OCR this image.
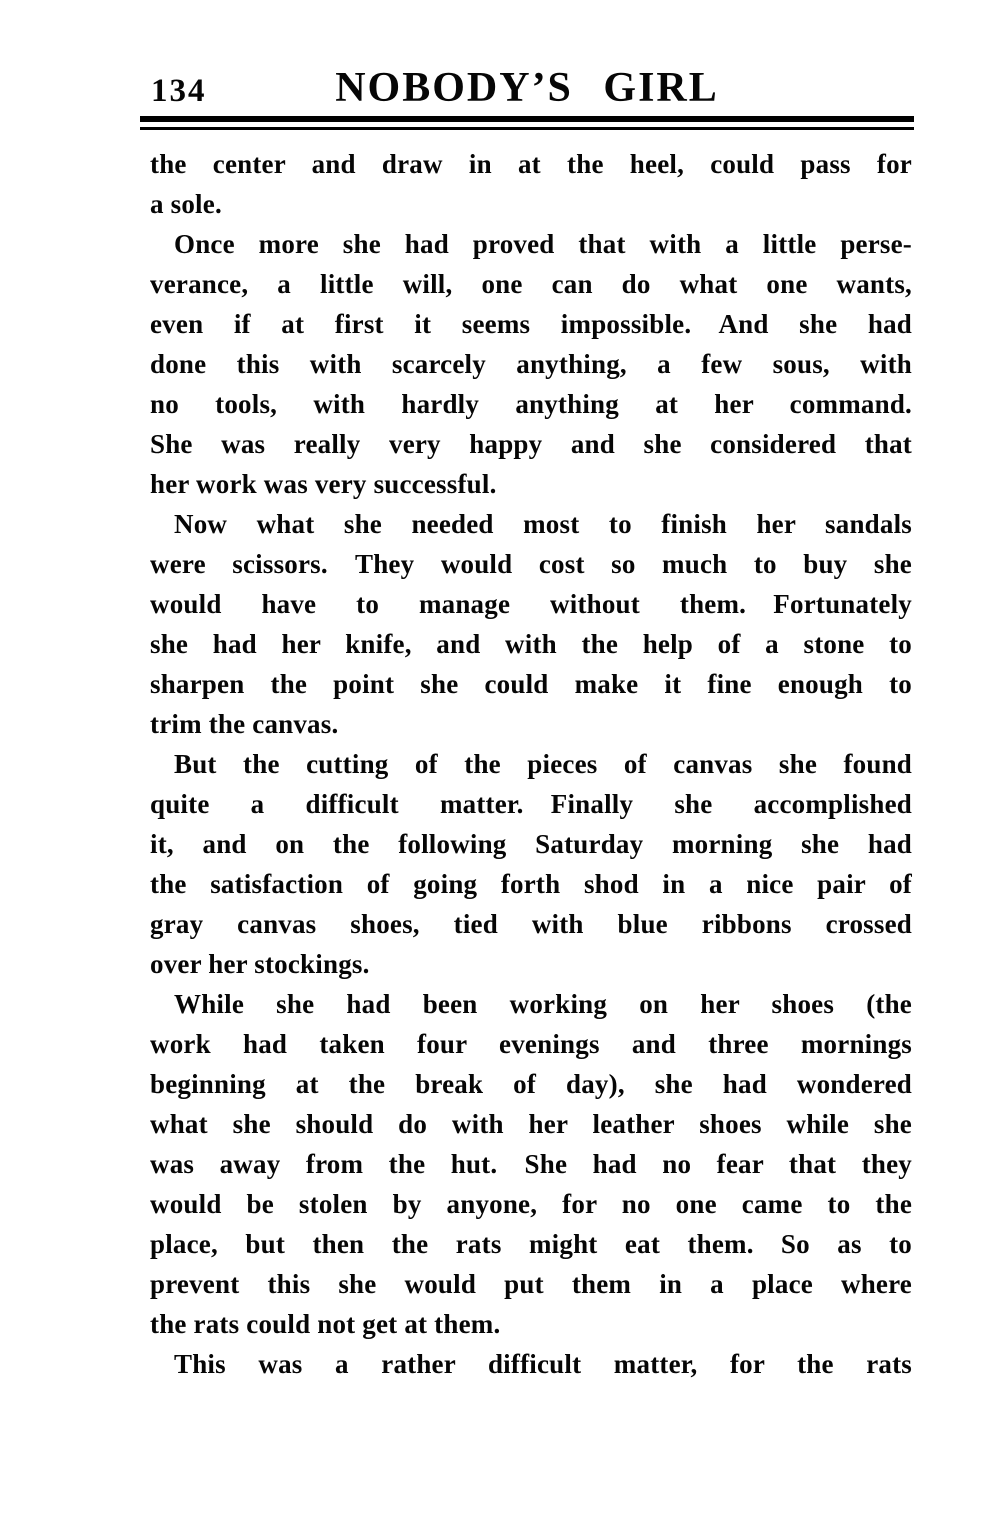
134	NOBODY’S GIRL
the center and draw in at the heel, could pass for
a sole.
Once more she had proved that with a little perse-
verance, a little will, one can do what one wants,
even if at first it seems impossible. And she had
done this with scarcely anything, a few sous, with
no tools, with hardly anything at her command.
She was really very happy and she considered that
her work was very successful.
Now what she needed most to finish her sandals
were scissors. They would cost so much to buy she
would have to manage without them. Fortunately
she had her knife, and with the help of a stone to
sharpen the point she could make it fine enough to
trim the canvas.
But the cutting of the pieces of canvas she found
quite a difficult matter. Finally she accomplished
it, and on the following Saturday morning she had
the satisfaction of going forth shod in a nice pair of
gray canvas shoes, tied with blue ribbons crossed
over her stockings.
While she had been working on her shoes (the
work had taken four evenings and three mornings
beginning at the break of day), she had wondered
what she should do with her leather shoes while she
was away from the hut. She had no fear that they
would be stolen by anyone, for no one came to the
place, but then the rats might eat them. So as to
prevent this she would put them in a place where
the rats could not get at them.
This was a rather difficult matter, for the rats
